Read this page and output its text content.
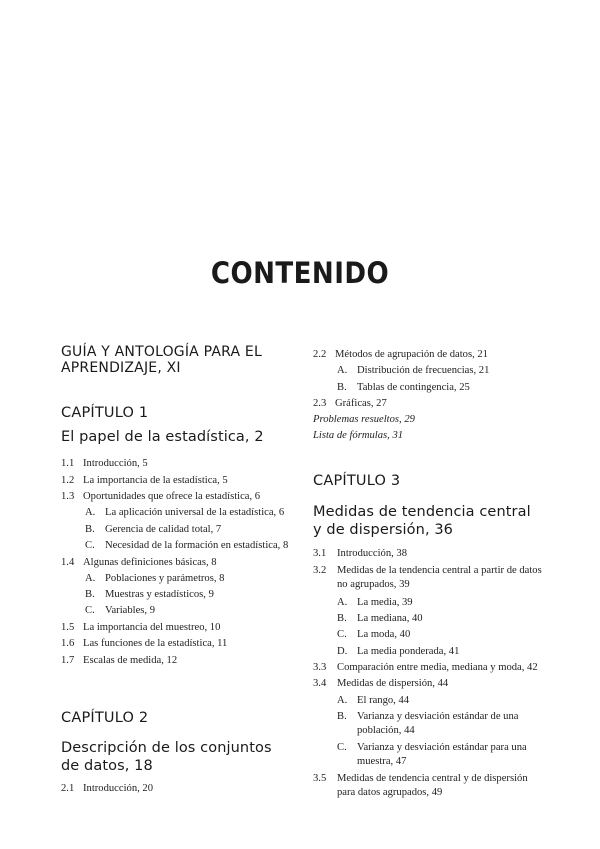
CONTENIDO
GUÍA Y ANTOLOGÍA PARA EL APRENDIZAJE, XI
CAPÍTULO 1
El papel de la estadística, 2
1.1 Introducción, 5
1.2 La importancia de la estadística, 5
1.3 Oportunidades que ofrece la estadística, 6
A. La aplicación universal de la estadística, 6
B. Gerencia de calidad total, 7
C. Necesidad de la formación en estadística, 8
1.4 Algunas definiciones básicas, 8
A. Poblaciones y parámetros, 8
B. Muestras y estadísticos, 9
C. Variables, 9
1.5 La importancia del muestreo, 10
1.6 Las funciones de la estadística, 11
1.7 Escalas de medida, 12
CAPÍTULO 2
Descripción de los conjuntos
de datos, 18
2.1 Introducción, 20
2.2 Métodos de agrupación de datos, 21
A. Distribución de frecuencias, 21
B. Tablas de contingencia, 25
2.3 Gráficas, 27
Problemas resueltos, 29
Lista de fórmulas, 31
CAPÍTULO 3
Medidas de tendencia central
y de dispersión, 36
3.1 Introducción, 38
3.2 Medidas de la tendencia central a partir de datos
no agrupados, 39
A. La media, 39
B. La mediana, 40
C. La moda, 40
D. La media ponderada, 41
3.3 Comparación entre media, mediana y moda, 42
3.4 Medidas de dispersión, 44
A. El rango, 44
B. Varianza y desviación estándar de una
población, 44
C. Varianza y desviación estándar para una
muestra, 47
3.5 Medidas de tendencia central y de dispersión
para datos agrupados, 49
